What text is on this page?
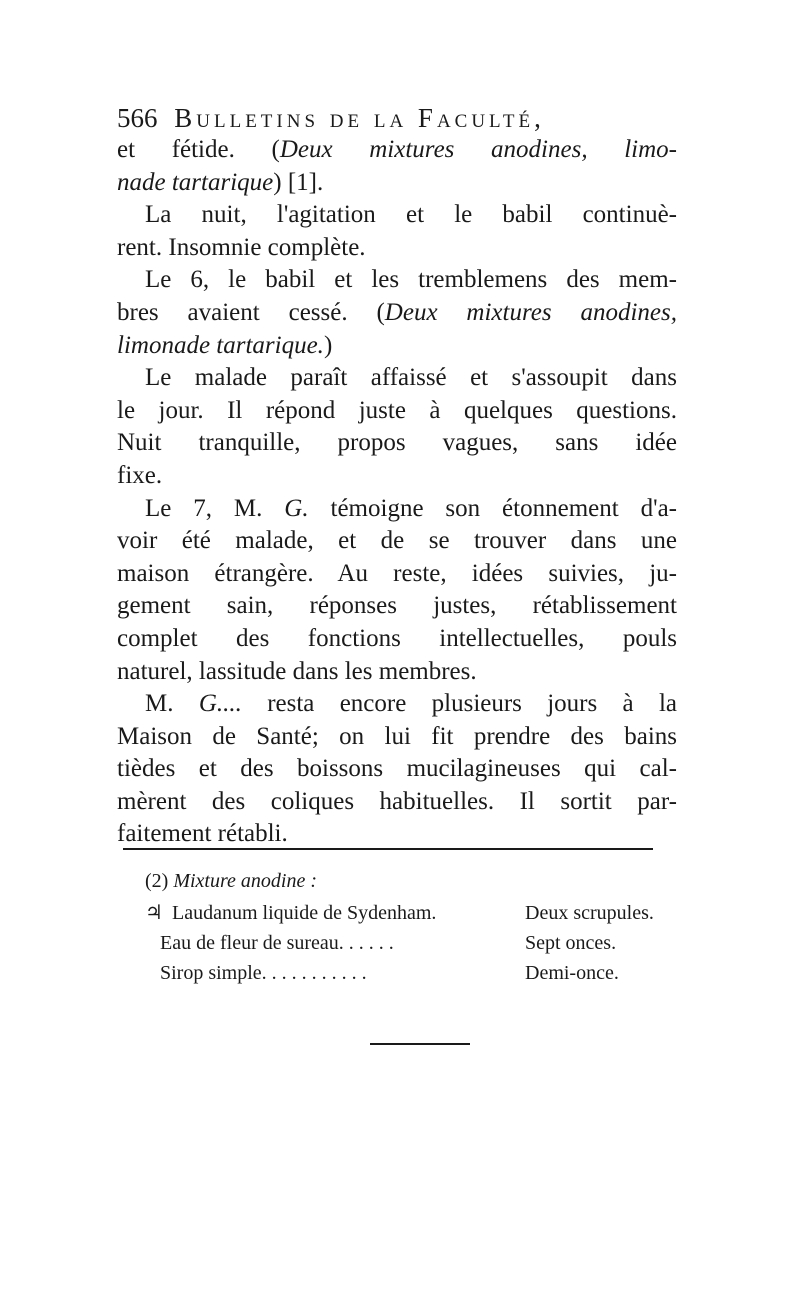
566 Bulletins de la Faculté,
et fétide. (Deux mixtures anodines, limo-
nade tartarique) [1].
La nuit, l'agitation et le babil continuè-
rent. Insomnie complète.
Le 6, le babil et les tremblemens des mem-
bres avaient cessé. (Deux mixtures anodines,
limonade tartarique.)
Le malade paraît affaissé et s'assoupit dans
le jour. Il répond juste à quelques questions.
Nuit tranquille, propos vagues, sans idée
fixe.
Le 7, M. G. témoigne son étonnement d'a-
voir été malade, et de se trouver dans une
maison étrangère. Au reste, idées suivies, ju-
gement sain, réponses justes, rétablissement
complet des fonctions intellectuelles, pouls
naturel, lassitude dans les membres.
M. G.... resta encore plusieurs jours à la
Maison de Santé; on lui fit prendre des bains
tièdes et des boissons mucilagineuses qui cal-
mèrent des coliques habituelles. Il sortit par-
faitement rétabli.
(2) Mixture anodine :
♃ Laudanum liquide de Sydenham.	Deux scrupules.
Eau de fleur de sureau. . . . . .	Sept onces.
Sirop simple. . . . . . . . . . .	Demi-once.
